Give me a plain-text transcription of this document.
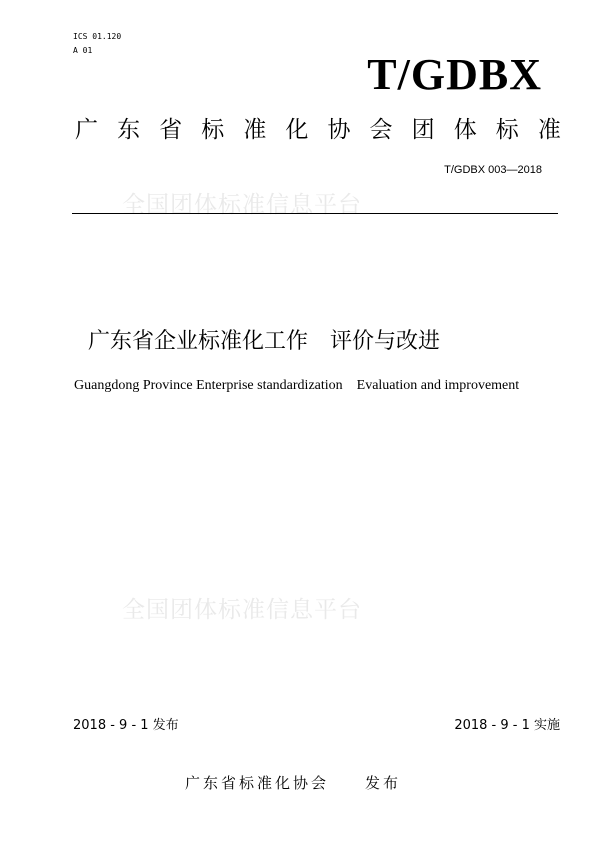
ICS 01.120
A 01	T/GDBX
广 东 省 标 准 化 协 会 团 体 标 准
T/GDBX 003—2018
全国团体标准信息平台
广东省企业标准化工作　评价与改进
Guangdong Province Enterprise standardization　Evaluation and improvement
全国团体标准信息平台
2018 - 9 - 1 发布	2018 - 9 - 1 实施
广东省标准化协会　　发布
